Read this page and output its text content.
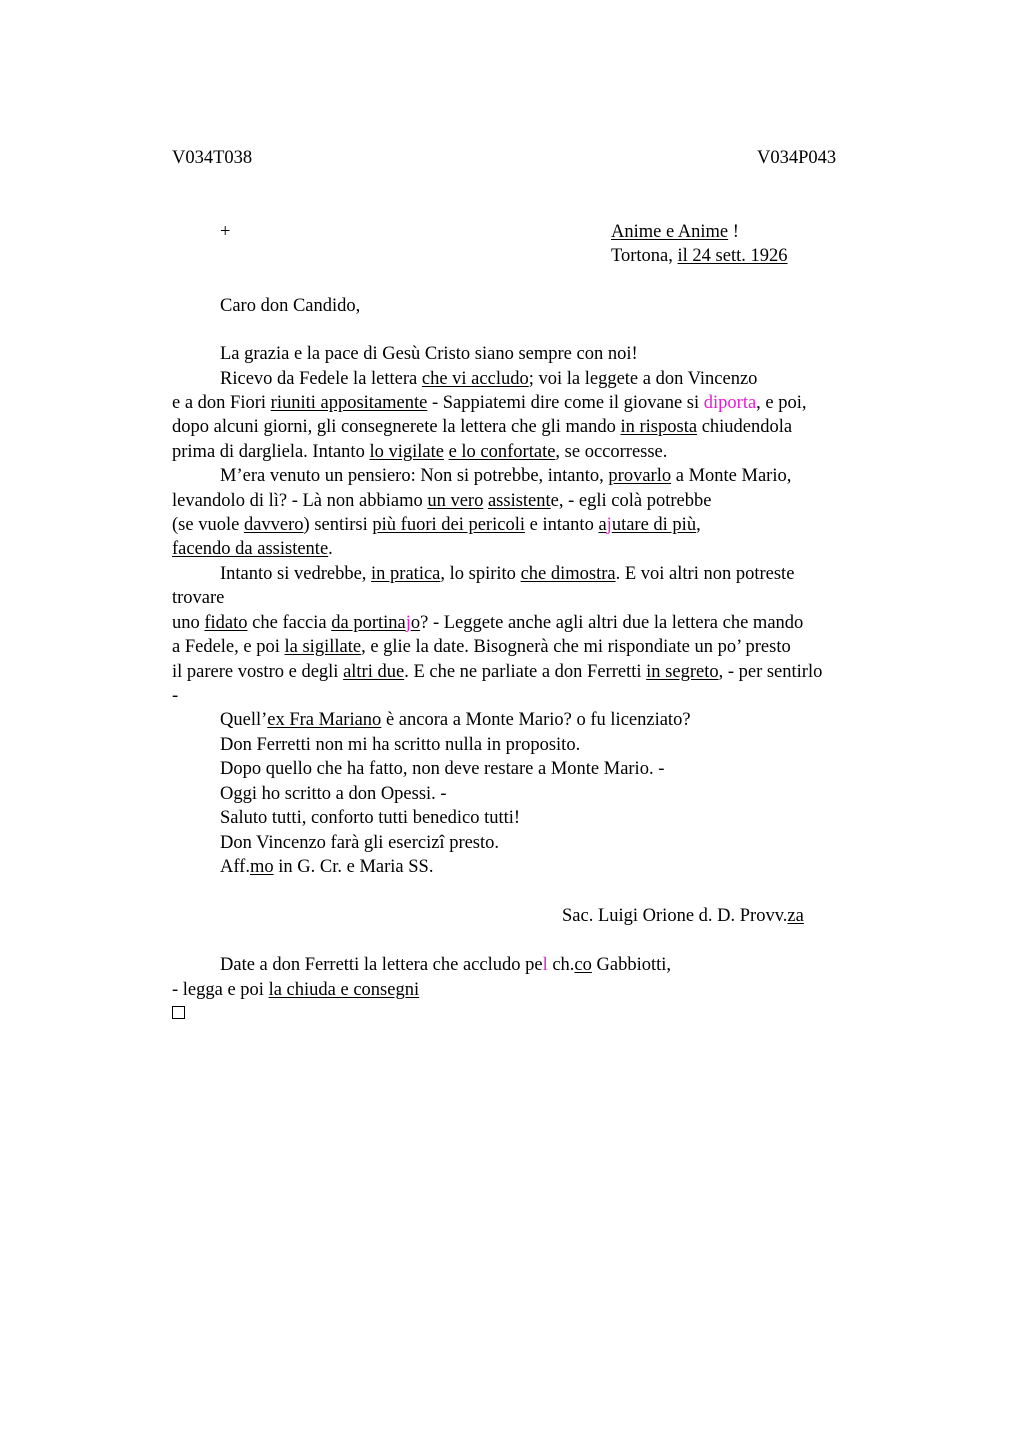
V034T038	V034P043
+	Anime e Anime !
Tortona, il 24 sett. 1926
Caro don Candido,
La grazia e la pace di Gesù Cristo siano sempre con noi!
Ricevo da Fedele la lettera che vi accludo; voi la leggete a don Vincenzo
e a don Fiori riuniti appositamente - Sappiatemi dire come il giovane si diporta, e poi,
dopo alcuni giorni, gli consegnerete la lettera che gli mando in risposta chiudendola
prima di dargliela. Intanto lo vigilate e lo confortate, se occorresse.
M’era venuto un pensiero: Non si potrebbe, intanto, provarlo a Monte Mario,
levandolo di lì? - Là non abbiamo un vero assistente, - egli colà potrebbe
(se vuole davvero) sentirsi più fuori dei pericoli e intanto ajutare di più,
facendo da assistente.
Intanto si vedrebbe, in pratica, lo spirito che dimostra. E voi altri non potreste
trovare
uno fidato che faccia da portinajo? - Leggete anche agli altri due la lettera che mando
a Fedele, e poi la sigillate, e glie la date. Bisognerà che mi rispondiate un po’ presto
il parere vostro e degli altri due. E che ne parliate a don Ferretti in segreto, - per sentirlo
-
Quell’ex Fra Mariano è ancora a Monte Mario? o fu licenziato?
Don Ferretti non mi ha scritto nulla in proposito.
Dopo quello che ha fatto, non deve restare a Monte Mario. -
Oggi ho scritto a don Opessi. -
Saluto tutti, conforto tutti benedico tutti!
Don Vincenzo farà gli esercizî presto.
Aff.mo in G. Cr. e Maria SS.
Sac. Luigi Orione d. D. Provv.za
Date a don Ferretti la lettera che accludo pel ch.co Gabbiotti,
- legga e poi la chiuda e consegni
